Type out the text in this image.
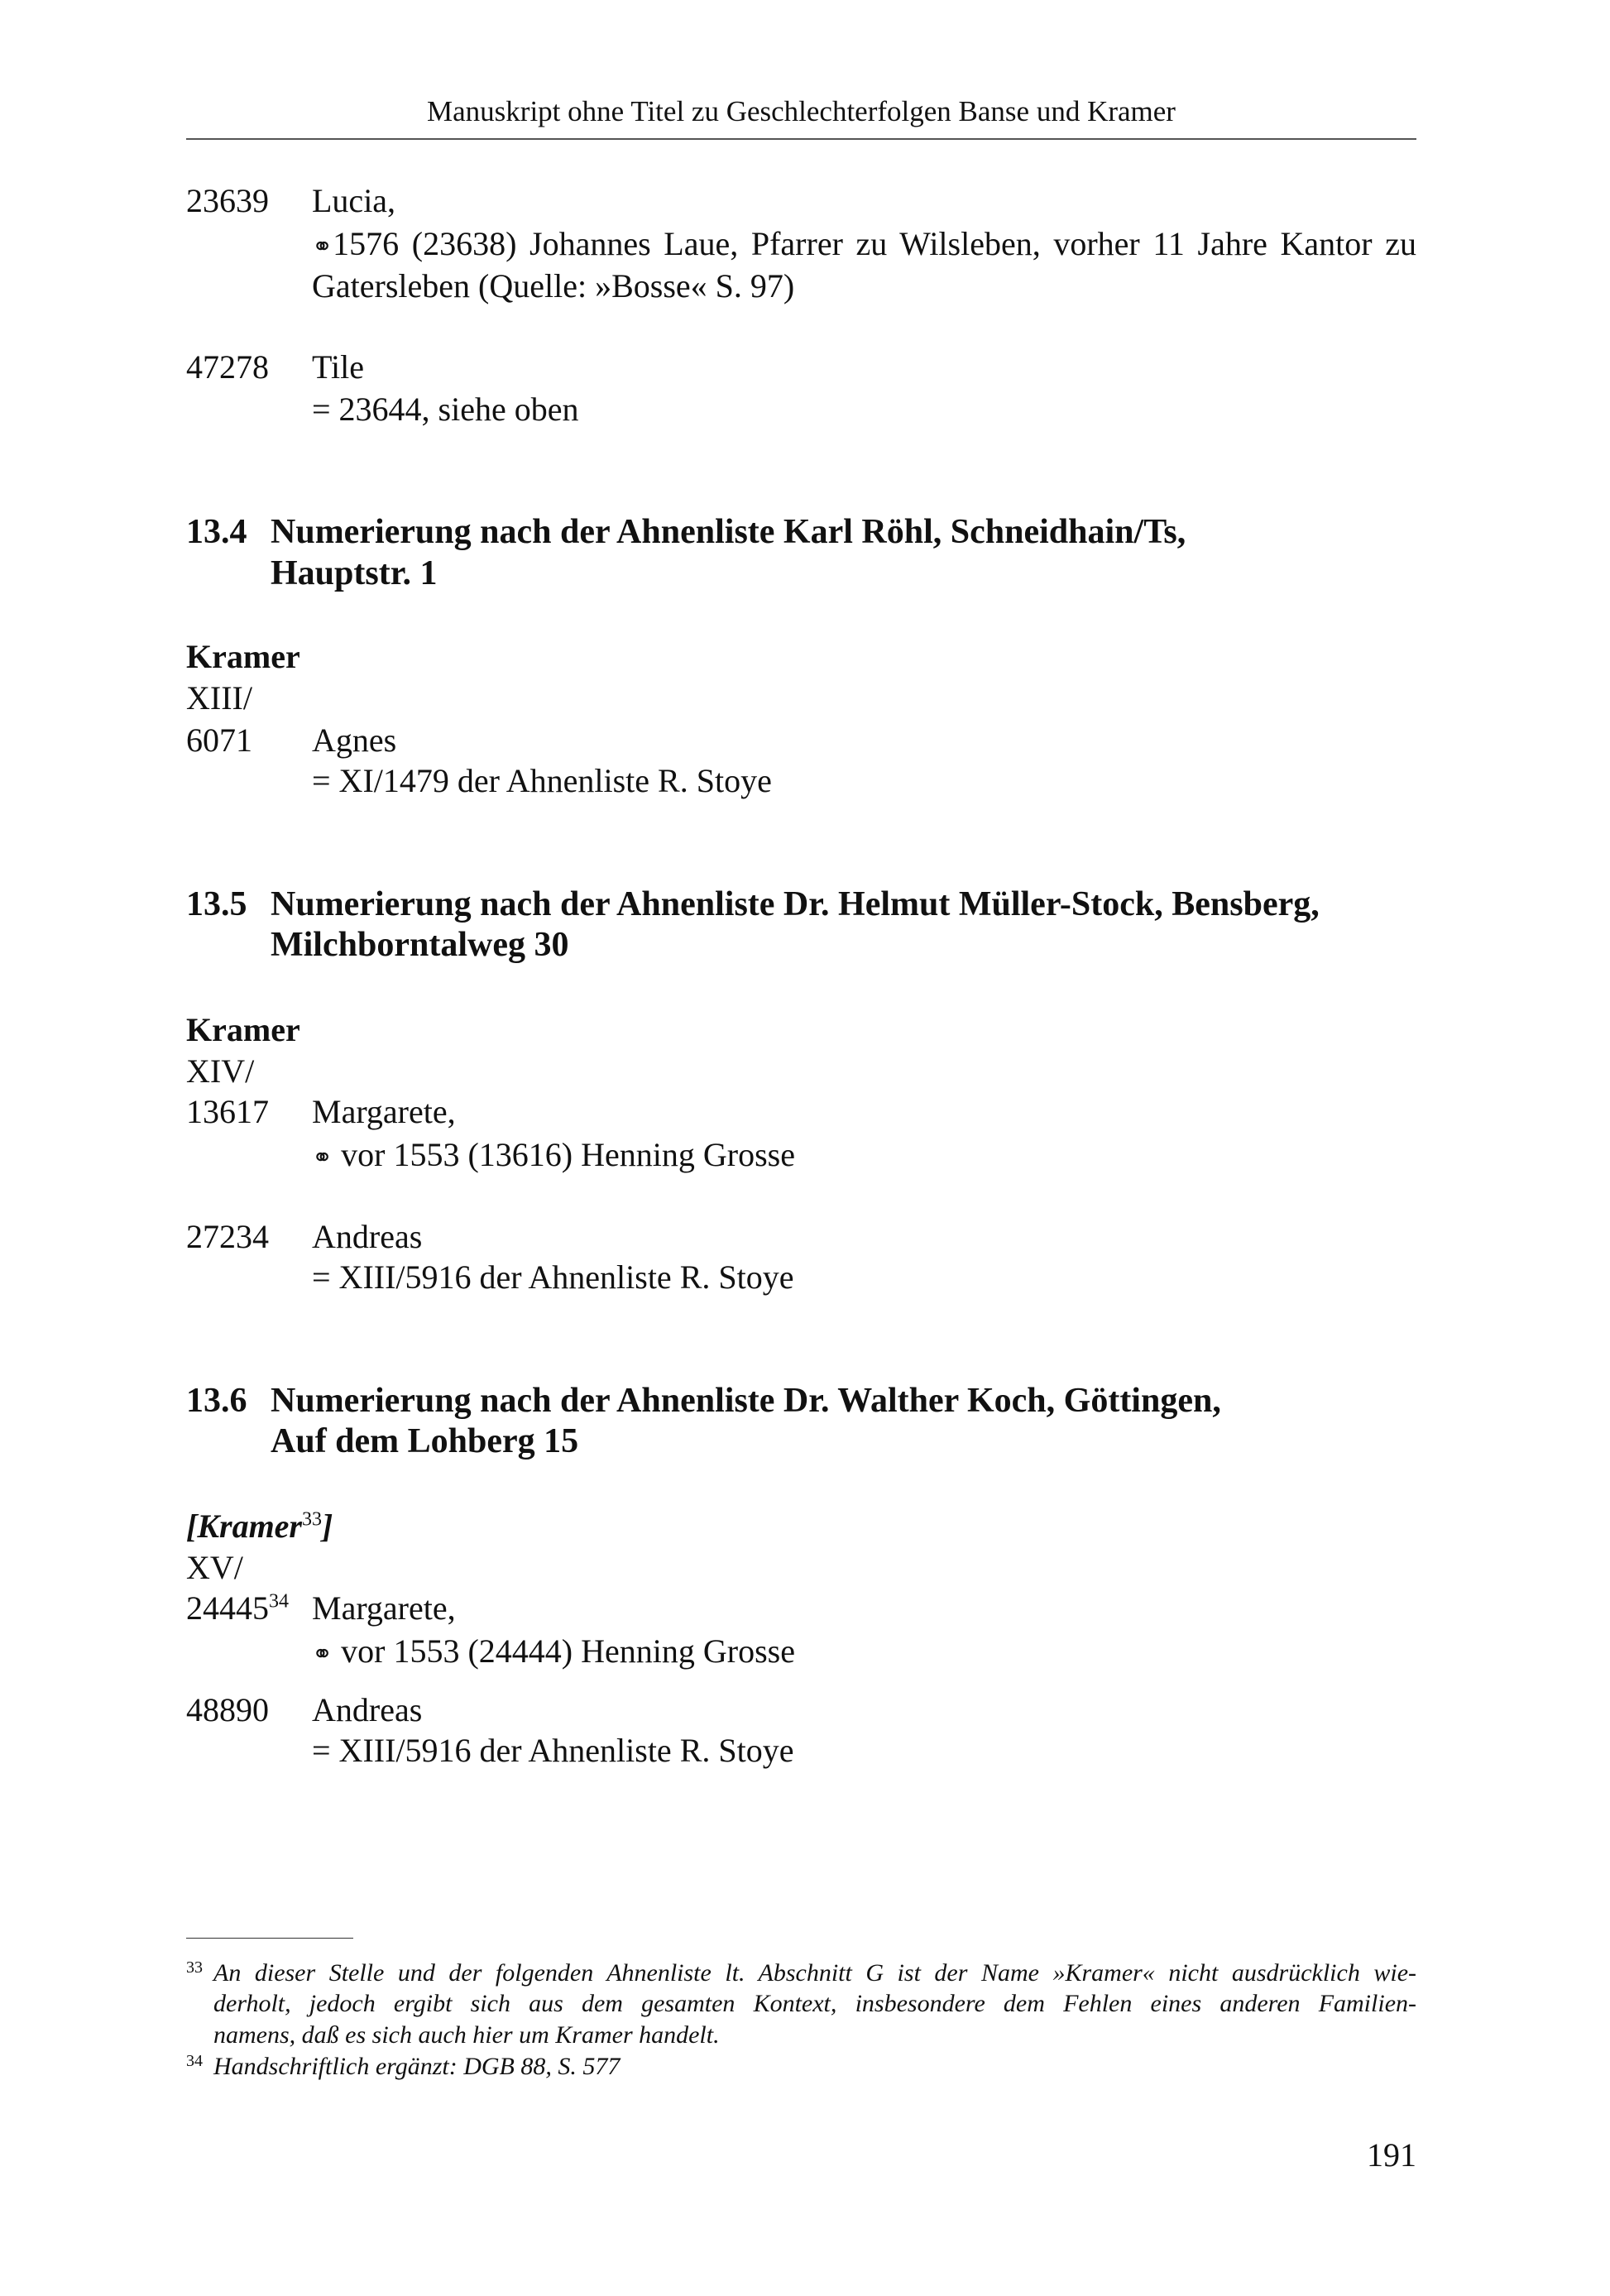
Manuskript ohne Titel zu Geschlechterfolgen Banse und Kramer
23639 Lucia,
⚭1576 (23638) Johannes Laue, Pfarrer zu Wilsleben, vorher 11 Jahre Kantor zu
Gatersleben (Quelle: »Bosse« S. 97)
47278 Tile
= 23644, siehe oben
13.4 Numerierung nach der Ahnenliste Karl Röhl, Schneidhain/Ts,
Hauptstr. 1
Kramer
XIII/
6071 Agnes
= XI/1479 der Ahnenliste R. Stoye
13.5 Numerierung nach der Ahnenliste Dr. Helmut Müller-Stock, Bensberg,
Milchborntalweg 30
Kramer
XIV/
13617 Margarete,
⚭ vor 1553 (13616) Henning Grosse
27234 Andreas
= XIII/5916 der Ahnenliste R. Stoye
13.6 Numerierung nach der Ahnenliste Dr. Walther Koch, Göttingen,
Auf dem Lohberg 15
[Kramer$^{33}$]
XV/
24445$^{34}$ Margarete,
⚭ vor 1553 (24444) Henning Grosse
48890 Andreas
= XIII/5916 der Ahnenliste R. Stoye
33 An dieser Stelle und der folgenden Ahnenliste lt. Abschnitt G ist der Name »Kramer« nicht ausdrücklich wie-
derholt, jedoch ergibt sich aus dem gesamten Kontext, insbesondere dem Fehlen eines anderen Familien-
namens, daß es sich auch hier um Kramer handelt.
34 Handschriftlich ergänzt: DGB 88, S. 577
191
